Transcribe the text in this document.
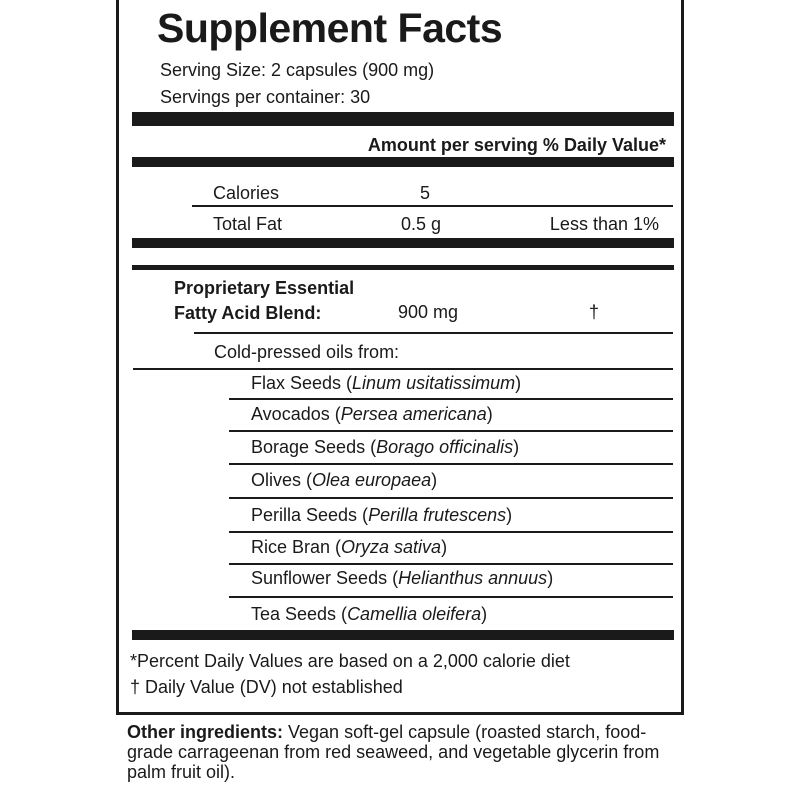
Supplement Facts
Serving Size: 2 capsules (900 mg)
Servings per container: 30
Amount per serving % Daily Value*
Calories	5
Total Fat	0.5 g	Less than 1%
Proprietary Essential
Fatty Acid Blend:	900 mg	†
Cold-pressed oils from:
Flax Seeds (Linum usitatissimum)
Avocados (Persea americana)
Borage Seeds (Borago officinalis)
Olives (Olea europaea)
Perilla Seeds (Perilla frutescens)
Rice Bran (Oryza sativa)
Sunflower Seeds (Helianthus annuus)
Tea Seeds (Camellia oleifera)
*Percent Daily Values are based on a 2,000 calorie diet
† Daily Value (DV) not established
Other ingredients: Vegan soft-gel capsule (roasted starch, food-grade carrageenan from red seaweed, and vegetable glycerin from palm fruit oil).
